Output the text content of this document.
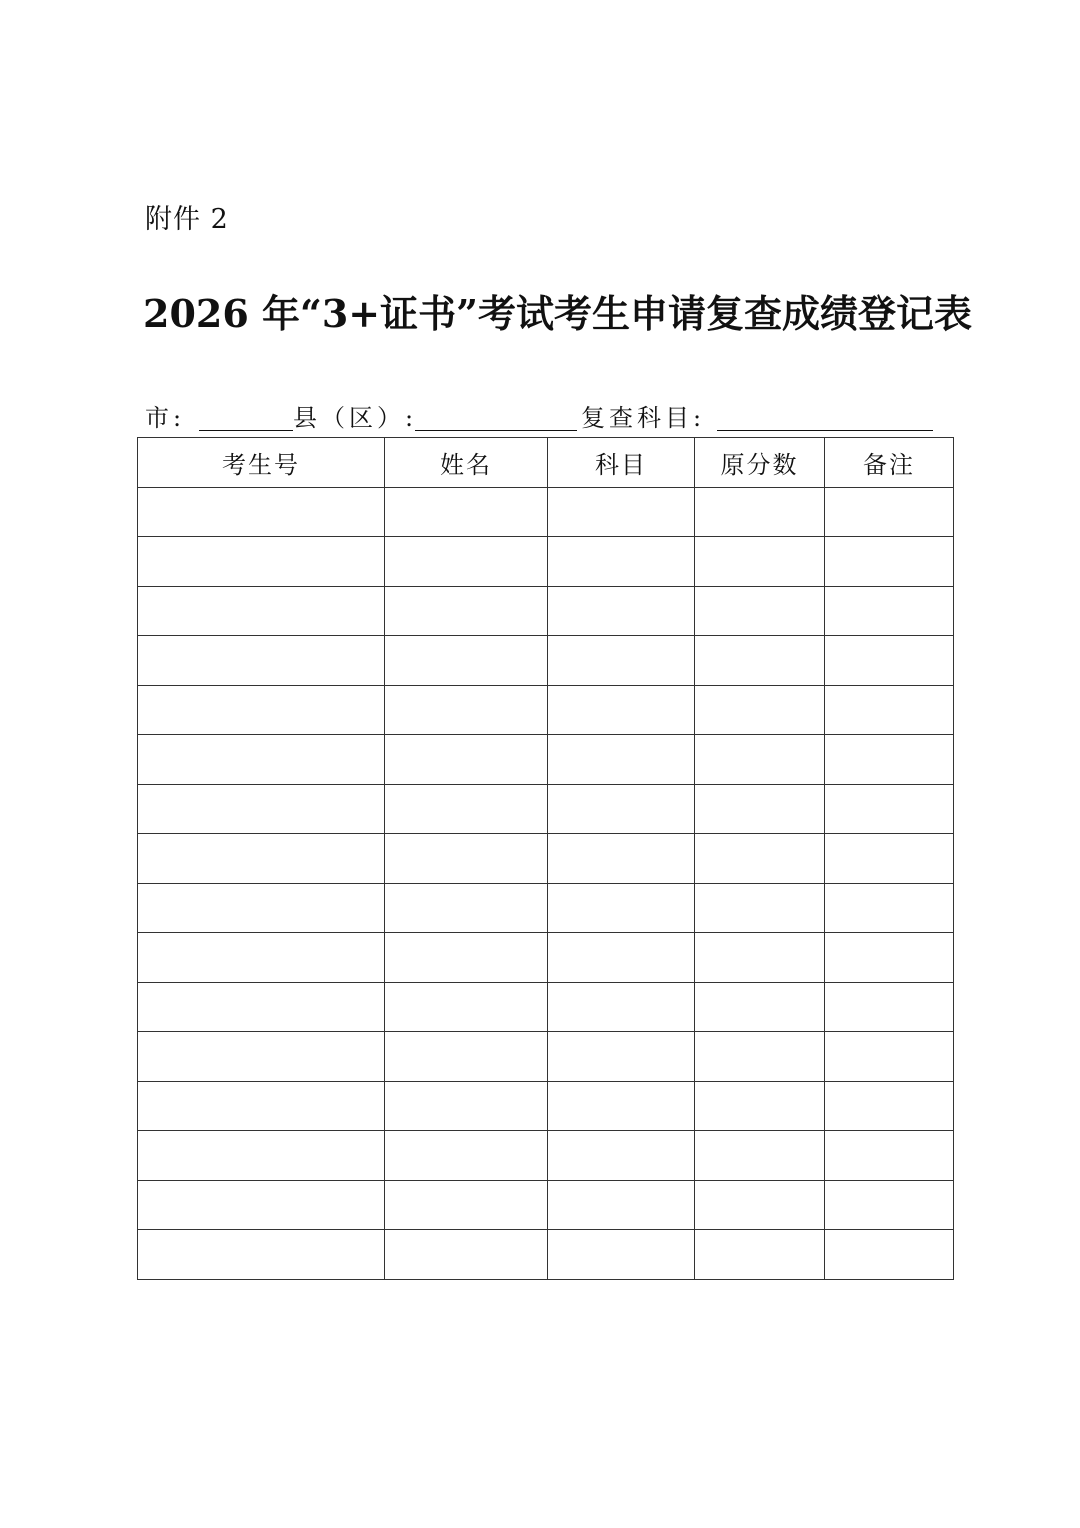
附件 2
2026 年“3+证书”考试考生申请复查成绩登记表
市:	县（区）:	复查科目:
考生号	姓名	科目	原分数	备注
